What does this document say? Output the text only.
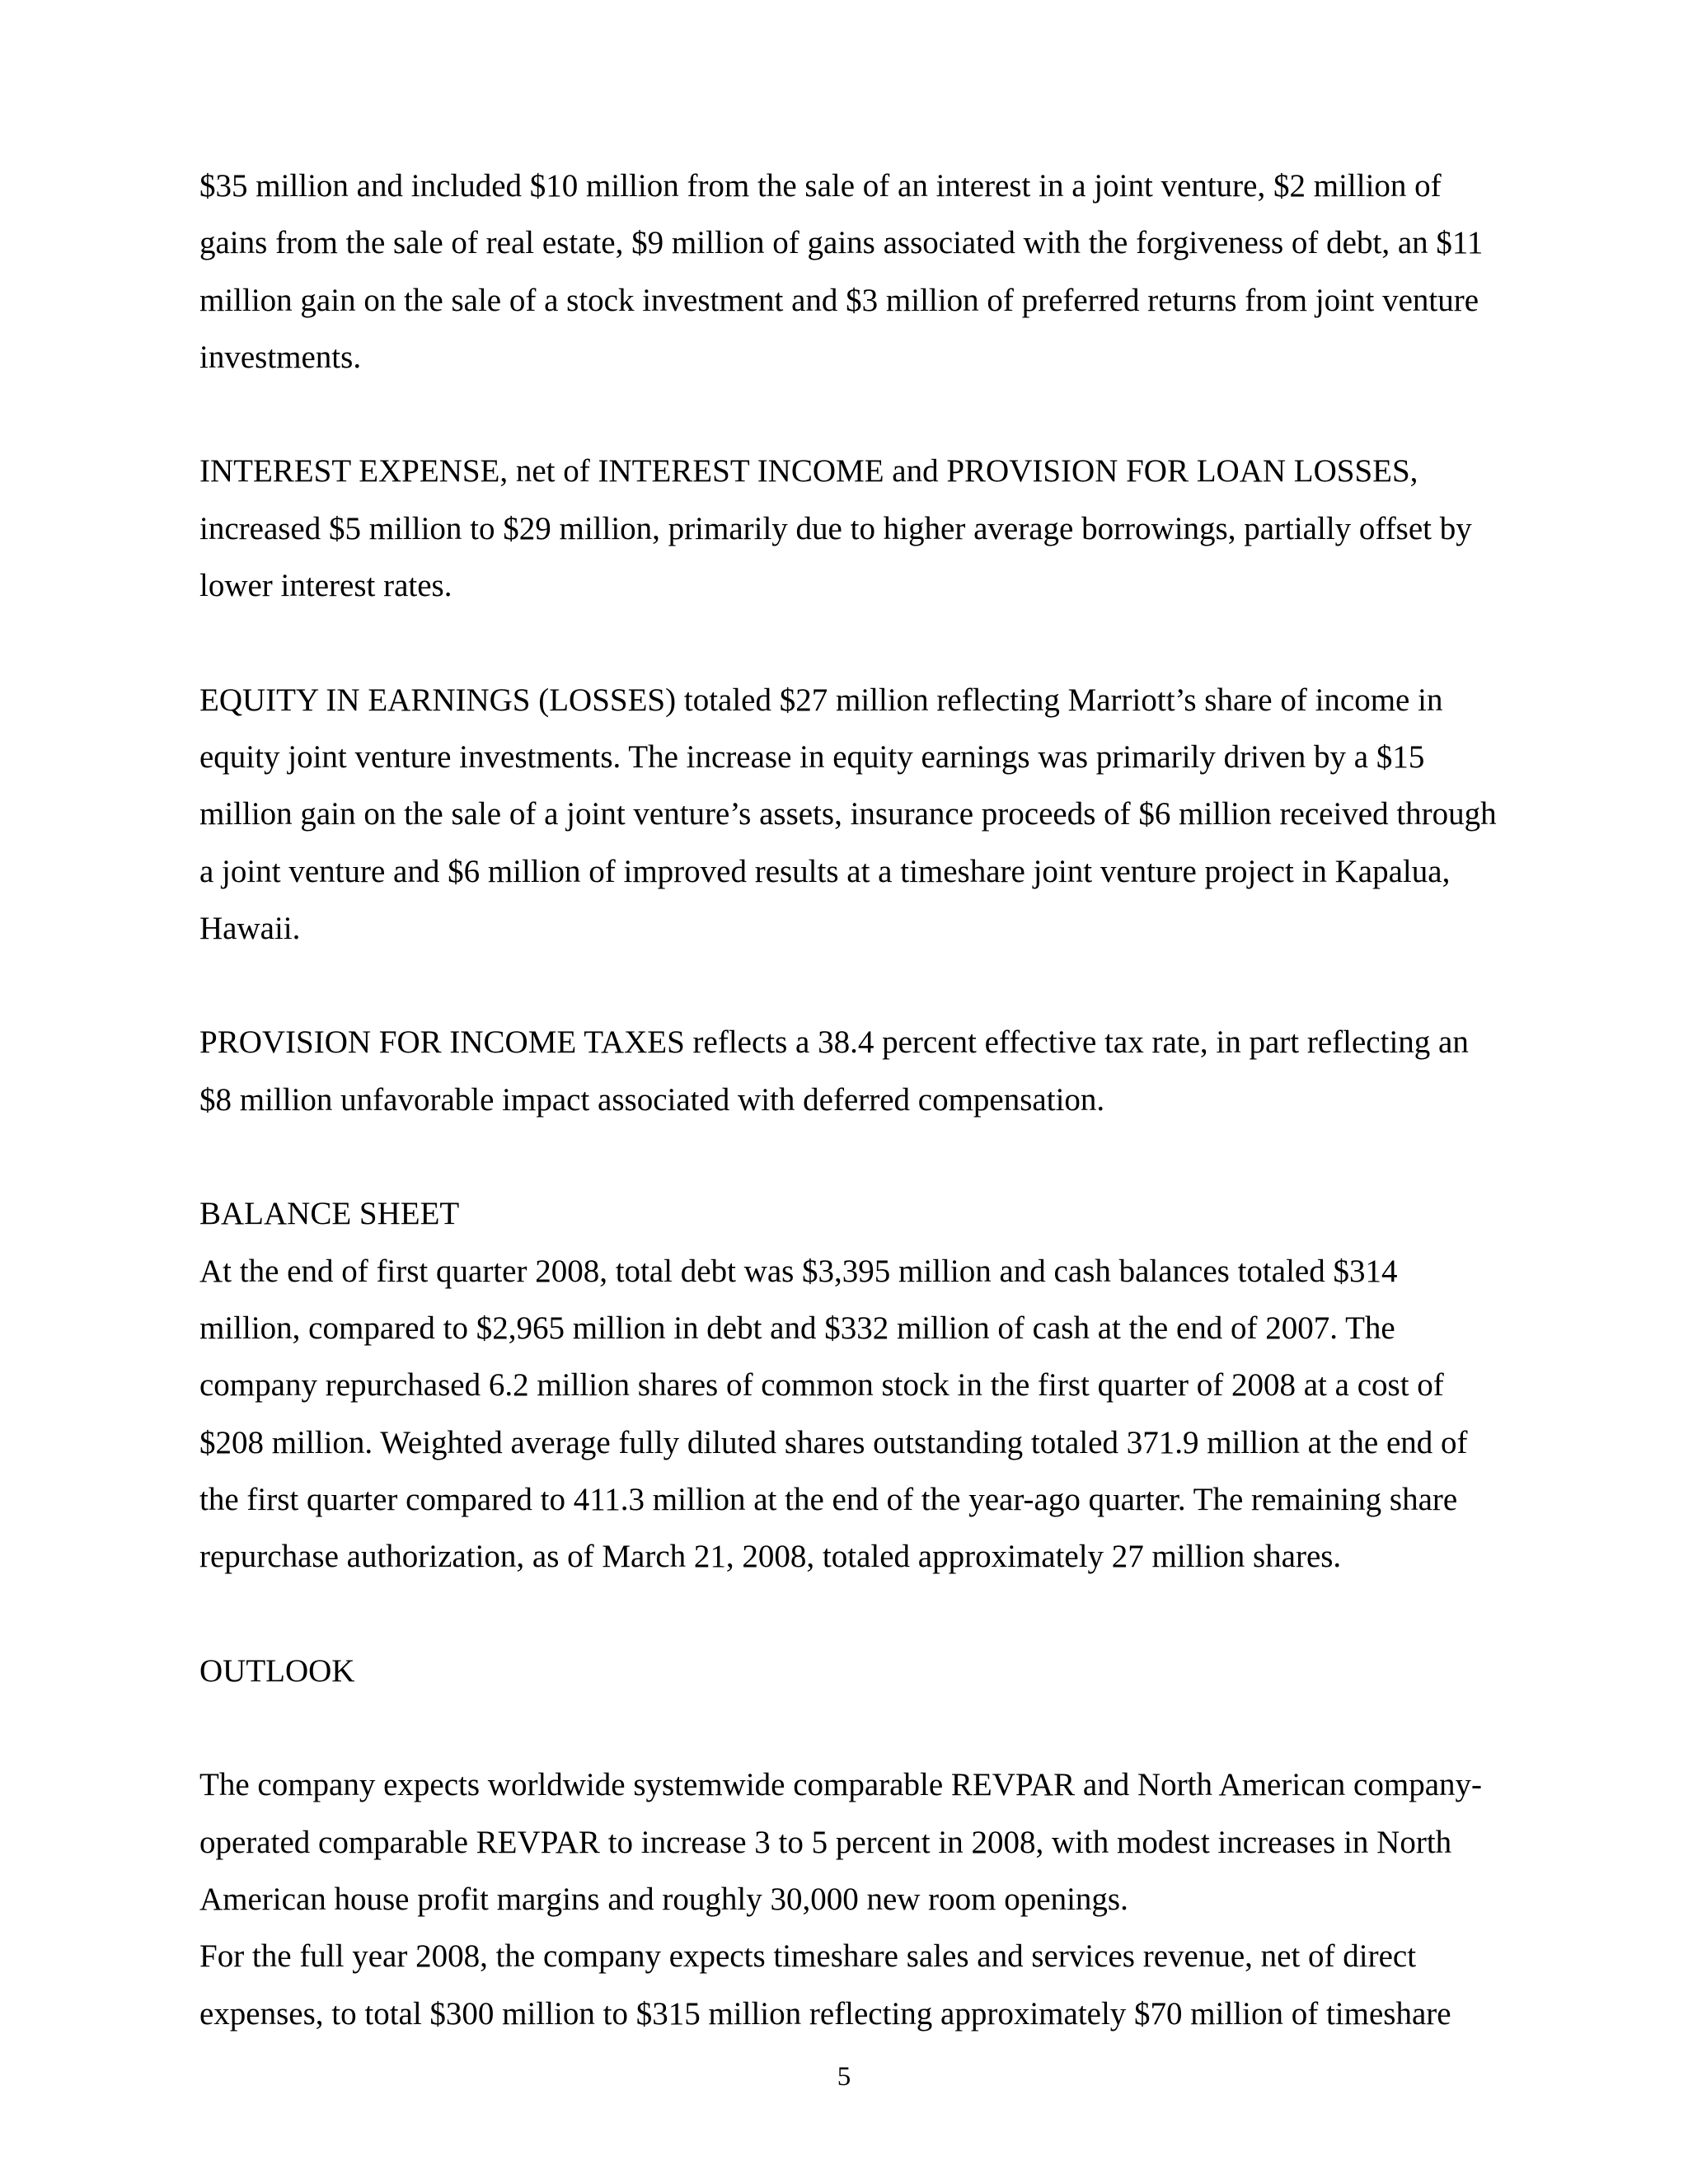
$35 million and included $10 million from the sale of an interest in a joint venture, $2 million of gains from the sale of real estate, $9 million of gains associated with the forgiveness of debt, an $11 million gain on the sale of a stock investment and $3 million of preferred returns from joint venture investments.

INTEREST EXPENSE, net of INTEREST INCOME and PROVISION FOR LOAN LOSSES, increased $5 million to $29 million, primarily due to higher average borrowings, partially offset by lower interest rates.

EQUITY IN EARNINGS (LOSSES) totaled $27 million reflecting Marriott’s share of income in equity joint venture investments. The increase in equity earnings was primarily driven by a $15 million gain on the sale of a joint venture’s assets, insurance proceeds of $6 million received through a joint venture and $6 million of improved results at a timeshare joint venture project in Kapalua, Hawaii.

PROVISION FOR INCOME TAXES reflects a 38.4 percent effective tax rate, in part reflecting an $8 million unfavorable impact associated with deferred compensation.

BALANCE SHEET

At the end of first quarter 2008, total debt was $3,395 million and cash balances totaled $314 million, compared to $2,965 million in debt and $332 million of cash at the end of 2007. The company repurchased 6.2 million shares of common stock in the first quarter of 2008 at a cost of $208 million. Weighted average fully diluted shares outstanding totaled 371.9 million at the end of the first quarter compared to 411.3 million at the end of the year-ago quarter. The remaining share repurchase authorization, as of March 21, 2008, totaled approximately 27 million shares.

OUTLOOK

The company expects worldwide systemwide comparable REVPAR and North American company-operated comparable REVPAR to increase 3 to 5 percent in 2008, with modest increases in North American house profit margins and roughly 30,000 new room openings.

For the full year 2008, the company expects timeshare sales and services revenue, net of direct expenses, to total $300 million to $315 million reflecting approximately $70 million of timeshare

5
